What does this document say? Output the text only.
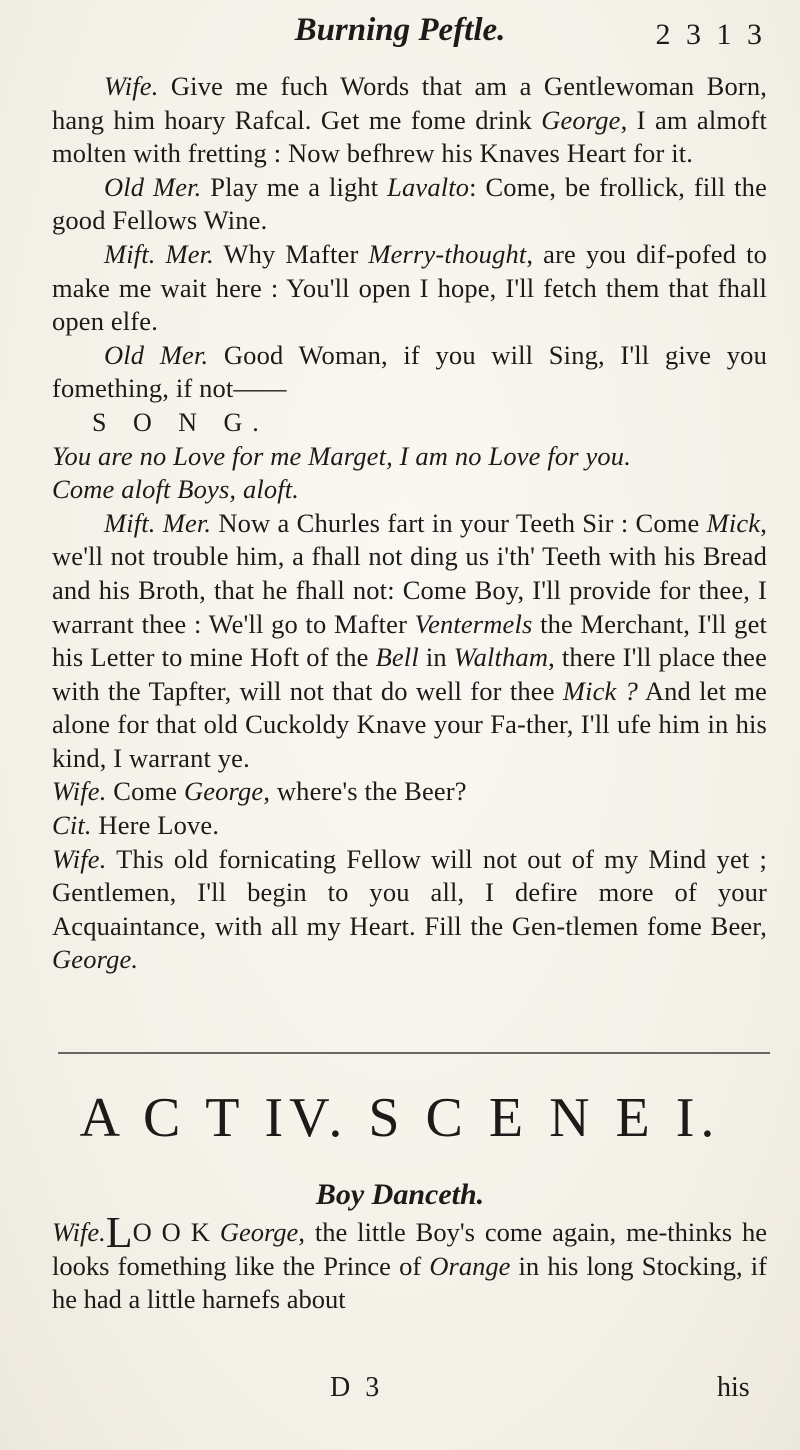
Burning Peftle.	2 3 1 3

Wife. Give me fuch Words that am a Gentlewoman Born, hang him hoary Rafcal. Get me fome drink George, I am almoft molten with fretting : Now befhrew his Knaves Heart for it.

Old Mer. Play me a light Lavalto: Come, be frollick, fill the good Fellows Wine.

Mift. Mer. Why Mafter Merry-thought, are you dif-pofed to make me wait here : You'll open I hope, I'll fetch them that fhall open elfe.

Old Mer. Good Woman, if you will Sing, I'll give you fomething, if not——

S O N G.

You are no Love for me Marget, I am no Love for you.

Come aloft Boys, aloft.

Mift. Mer. Now a Churles fart in your Teeth Sir : Come Mick, we'll not trouble him, a fhall not ding us i'th' Teeth with his Bread and his Broth, that he fhall not: Come Boy, I'll provide for thee, I warrant thee : We'll go to Mafter Ventermels the Merchant, I'll get his Letter to mine Hoft of the Bell in Waltham, there I'll place thee with the Tapfter, will not that do well for thee Mick ? And let me alone for that old Cuckoldy Knave your Fa-ther, I'll ufe him in his kind, I warrant ye.

Wife. Come George, where's the Beer?

Cit. Here Love.

Wife. This old fornicating Fellow will not out of my Mind yet ; Gentlemen, I'll begin to you all, I defire more of your Acquaintance, with all my Heart. Fill the Gen-tlemen fome Beer, George.

A C T IV. S C E N E I.
Boy Danceth.

Wife.LO O K George, the little Boy's come again, me-thinks he looks fomething like the Prince of Orange in his long Stocking, if he had a little harnefs about

D 3	his
